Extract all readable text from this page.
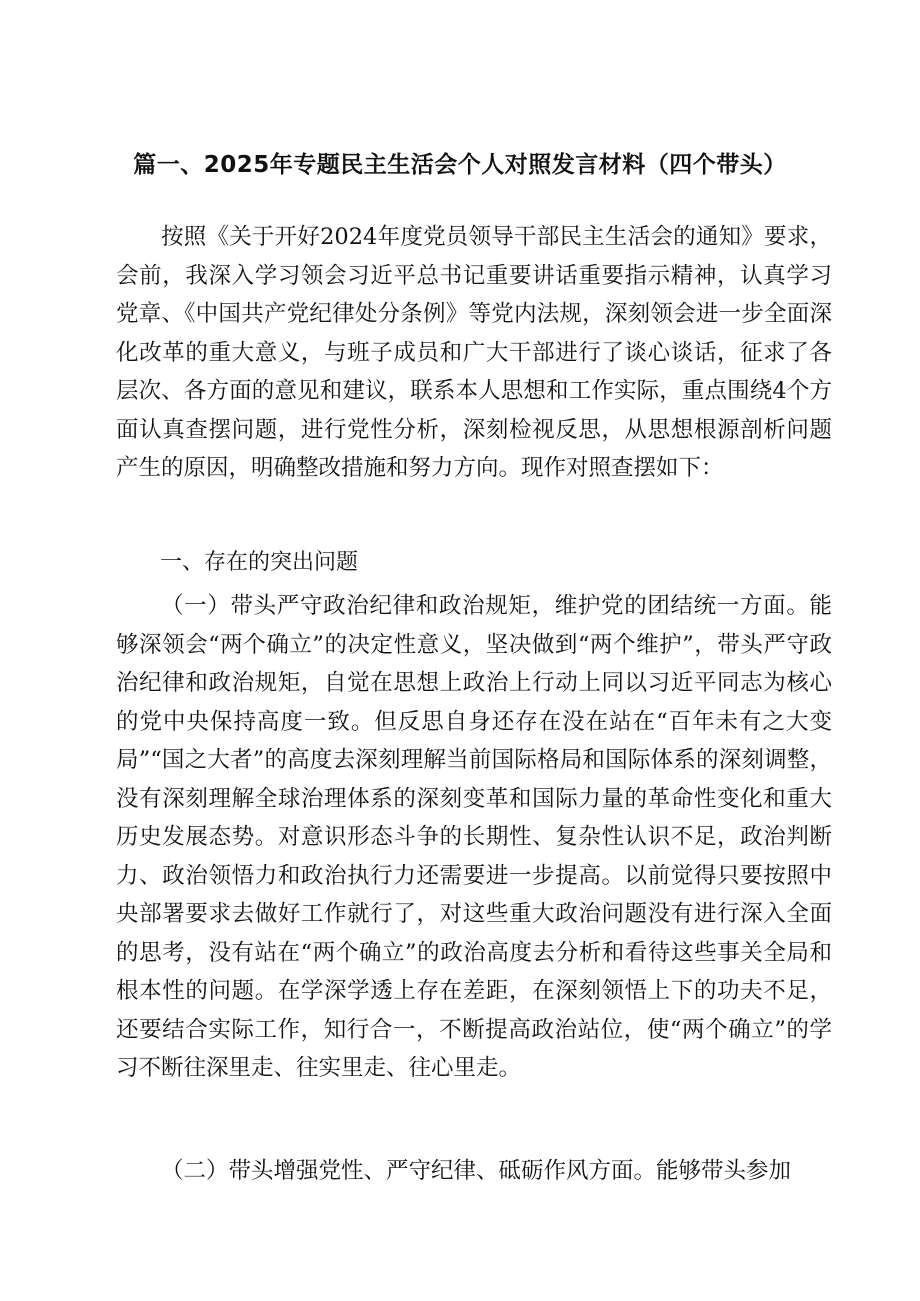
篇一、2025年专题民主生活会个人对照发言材料（四个带头）

按照《关于开好2024年度党员领导干部民主生活会的通知》要求，会前，我深入学习领会习近平总书记重要讲话重要指示精神，认真学习党章、《中国共产党纪律处分条例》等党内法规，深刻领会进一步全面深化改革的重大意义，与班子成员和广大干部进行了谈心谈话，征求了各层次、各方面的意见和建议，联系本人思想和工作实际，重点围绕4个方面认真查摆问题，进行党性分析，深刻检视反思，从思想根源剖析问题产生的原因，明确整改措施和努力方向。现作对照查摆如下：

一、存在的突出问题

（一）带头严守政治纪律和政治规矩，维护党的团结统一方面。能够深领会“两个确立”的决定性意义，坚决做到“两个维护”，带头严守政治纪律和政治规矩，自觉在思想上政治上行动上同以习近平同志为核心的党中央保持高度一致。但反思自身还存在没在站在“百年未有之大变局”“国之大者”的高度去深刻理解当前国际格局和国际体系的深刻调整，没有深刻理解全球治理体系的深刻变革和国际力量的革命性变化和重大历史发展态势。对意识形态斗争的长期性、复杂性认识不足，政治判断力、政治领悟力和政治执行力还需要进一步提高。以前觉得只要按照中央部署要求去做好工作就行了，对这些重大政治问题没有进行深入全面的思考，没有站在“两个确立”的政治高度去分析和看待这些事关全局和根本性的问题。在学深学透上存在差距，在深刻领悟上下的功夫不足，还要结合实际工作，知行合一，不断提高政治站位，使“两个确立”的学习不断往深里走、往实里走、往心里走。

（二）带头增强党性、严守纪律、砥砺作风方面。能够带头参加
